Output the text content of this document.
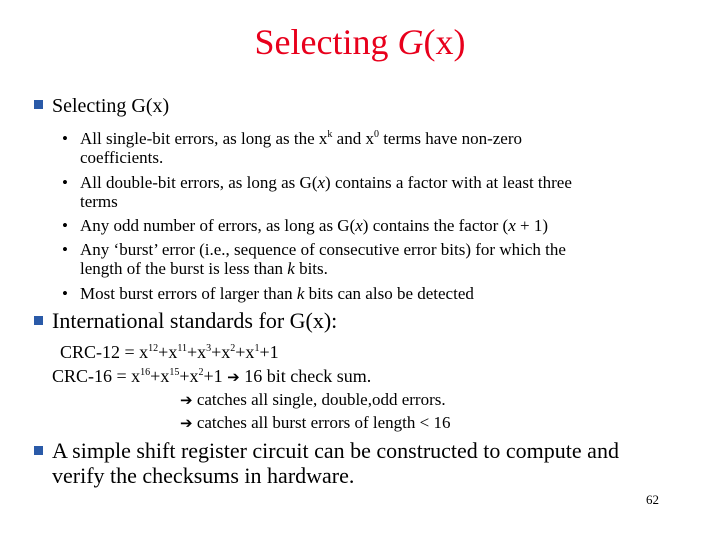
Selecting G(x)
Selecting G(x)
• All single-bit errors, as long as the $x^k$ and $x^0$ terms have non-zero
coefficients.
• All double-bit errors, as long as G(x) contains a factor with at least three
terms
• Any odd number of errors, as long as G(x) contains the factor (x + 1)
• Any ‘burst’ error (i.e., sequence of consecutive error bits) for which the
length of the burst is less than k bits.
• Most burst errors of larger than k bits can also be detected
International standards for G(x):
$CRC-12 = x^{12}+x^{11}+x^3+x^2+x^1+1$
$CRC-16 = x^{16}+x^{15}+x^2+1$ ➔ 16 bit check sum.
➔ catches all single, double,odd errors.
➔ catches all burst errors of length < 16
A simple shift register circuit can be constructed to compute and
verify the checksums in hardware.
62
